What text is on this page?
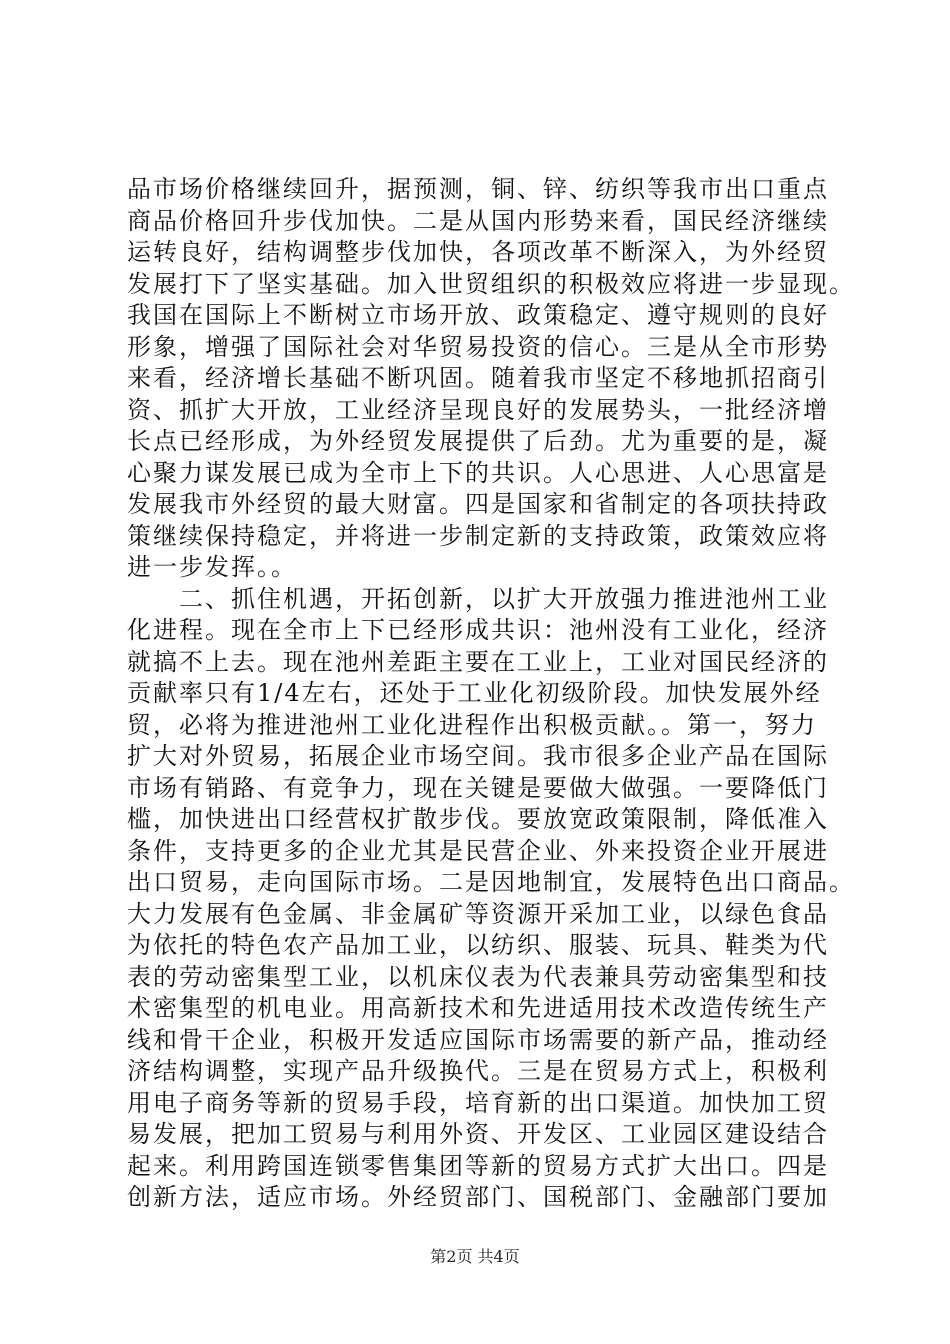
品市场价格继续回升，据预测，铜、锌、纺织等我市出口重点
商品价格回升步伐加快。二是从国内形势来看，国民经济继续
运转良好，结构调整步伐加快，各项改革不断深入，为外经贸
发展打下了坚实基础。加入世贸组织的积极效应将进一步显现。
我国在国际上不断树立市场开放、政策稳定、遵守规则的良好
形象，增强了国际社会对华贸易投资的信心。三是从全市形势
来看，经济增长基础不断巩固。随着我市坚定不移地抓招商引
资、抓扩大开放，工业经济呈现良好的发展势头，一批经济增
长点已经形成，为外经贸发展提供了后劲。尤为重要的是，凝
心聚力谋发展已成为全市上下的共识。人心思进、人心思富是
发展我市外经贸的最大财富。四是国家和省制定的各项扶持政
策继续保持稳定，并将进一步制定新的支持政策，政策效应将
进一步发挥。。
　　二、抓住机遇，开拓创新，以扩大开放强力推进池州工业
化进程。现在全市上下已经形成共识：池州没有工业化，经济
就搞不上去。现在池州差距主要在工业上，工业对国民经济的
贡献率只有1/4左右，还处于工业化初级阶段。加快发展外经
贸，必将为推进池州工业化进程作出积极贡献。。第一，努力
扩大对外贸易，拓展企业市场空间。我市很多企业产品在国际
市场有销路、有竞争力，现在关键是要做大做强。一要降低门
槛，加快进出口经营权扩散步伐。要放宽政策限制，降低准入
条件，支持更多的企业尤其是民营企业、外来投资企业开展进
出口贸易，走向国际市场。二是因地制宜，发展特色出口商品。
大力发展有色金属、非金属矿等资源开采加工业，以绿色食品
为依托的特色农产品加工业，以纺织、服装、玩具、鞋类为代
表的劳动密集型工业，以机床仪表为代表兼具劳动密集型和技
术密集型的机电业。用高新技术和先进适用技术改造传统生产
线和骨干企业，积极开发适应国际市场需要的新产品，推动经
济结构调整，实现产品升级换代。三是在贸易方式上，积极利
用电子商务等新的贸易手段，培育新的出口渠道。加快加工贸
易发展，把加工贸易与利用外资、开发区、工业园区建设结合
起来。利用跨国连锁零售集团等新的贸易方式扩大出口。四是
创新方法，适应市场。外经贸部门、国税部门、金融部门要加
第2页 共4页
